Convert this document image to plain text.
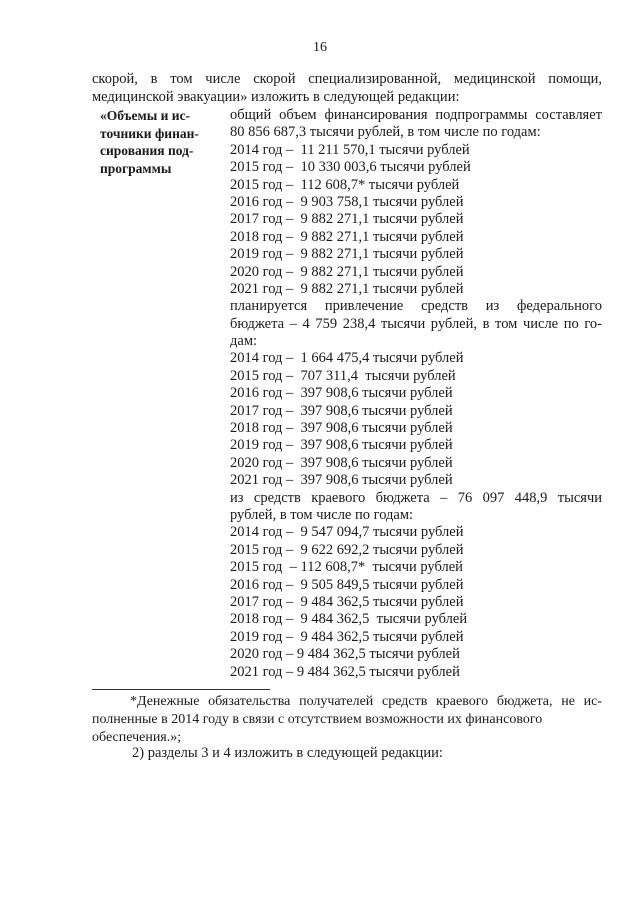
16
скорой, в том числе скорой специализированной, медицинской помощи,
медицинской эвакуации» изложить в следующей редакции:
«Объемы и ис-
точники финан-
сирования под-
программы
общий объем финансирования подпрограммы составляет
80 856 687,3 тысячи рублей, в том числе по годам:
2014 год –  11 211 570,1 тысячи рублей
2015 год –  10 330 003,6 тысячи рублей
2015 год –  112 608,7* тысячи рублей
2016 год –  9 903 758,1 тысячи рублей
2017 год –  9 882 271,1 тысячи рублей
2018 год –  9 882 271,1 тысячи рублей
2019 год –  9 882 271,1 тысячи рублей
2020 год –  9 882 271,1 тысячи рублей
2021 год –  9 882 271,1 тысячи рублей
планируется привлечение средств из федерального
бюджета – 4 759 238,4 тысячи рублей, в том числе по го-
дам:
2014 год –  1 664 475,4 тысячи рублей
2015 год –  707 311,4  тысячи рублей
2016 год –  397 908,6 тысячи рублей
2017 год –  397 908,6 тысячи рублей
2018 год –  397 908,6 тысячи рублей
2019 год –  397 908,6 тысячи рублей
2020 год –  397 908,6 тысячи рублей
2021 год –  397 908,6 тысячи рублей
из средств краевого бюджета – 76 097 448,9 тысячи
рублей, в том числе по годам:
2014 год –  9 547 094,7 тысячи рублей
2015 год –  9 622 692,2 тысячи рублей
2015 год  – 112 608,7*  тысячи рублей
2016 год –  9 505 849,5 тысячи рублей
2017 год –  9 484 362,5 тысячи рублей
2018 год –  9 484 362,5  тысячи рублей
2019 год –  9 484 362,5 тысячи рублей
2020 год – 9 484 362,5 тысячи рублей
2021 год – 9 484 362,5 тысячи рублей
*Денежные обязательства получателей средств краевого бюджета, не ис-
полненные в 2014 году в связи с отсутствием возможности их финансового
обеспечения.»;
2) разделы 3 и 4 изложить в следующей редакции:
